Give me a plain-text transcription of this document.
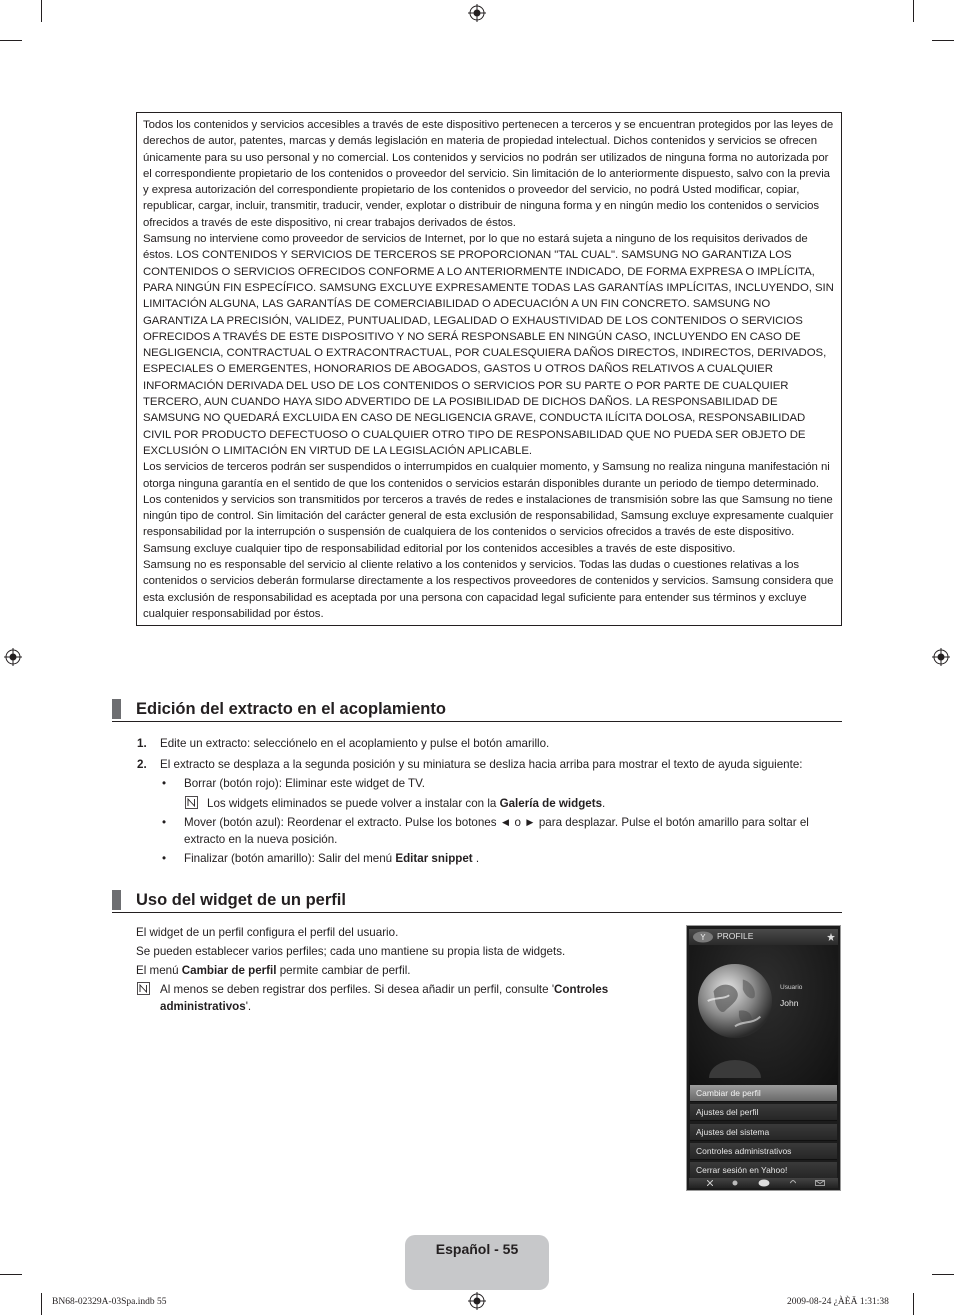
Todos los contenidos y servicios accesibles a través de este dispositivo pertenecen a terceros y se encuentran protegidos por las leyes de derechos de autor, patentes, marcas y demás legislación en materia de propiedad intelectual. Dichos contenidos y servicios se ofrecen únicamente para su uso personal y no comercial. Los contenidos y servicios no podrán ser utilizados de ninguna forma no autorizada por el correspondiente propietario de los contenidos o proveedor del servicio. Sin limitación de lo anteriormente dispuesto, salvo con la previa y expresa autorización del correspondiente propietario de los contenidos o proveedor del servicio, no podrá Usted modificar, copiar, republicar, cargar, incluir, transmitir, traducir, vender, explotar o distribuir de ninguna forma y en ningún medio los contenidos o servicios ofrecidos a través de este dispositivo, ni crear trabajos derivados de éstos.

Samsung no interviene como proveedor de servicios de Internet, por lo que no estará sujeta a ninguno de los requisitos derivados de éstos. LOS CONTENIDOS Y SERVICIOS DE TERCEROS SE PROPORCIONAN "TAL CUAL". SAMSUNG NO GARANTIZA LOS CONTENIDOS O SERVICIOS OFRECIDOS CONFORME A LO ANTERIORMENTE INDICADO, DE FORMA EXPRESA O IMPLÍCITA, PARA NINGÚN FIN ESPECÍFICO. SAMSUNG EXCLUYE EXPRESAMENTE TODAS LAS GARANTÍAS IMPLÍCITAS, INCLUYENDO, SIN LIMITACIÓN ALGUNA, LAS GARANTÍAS DE COMERCIABILIDAD O ADECUACIÓN A UN FIN CONCRETO. SAMSUNG NO GARANTIZA LA PRECISIÓN, VALIDEZ, PUNTUALIDAD, LEGALIDAD O EXHAUSTIVIDAD DE LOS CONTENIDOS O SERVICIOS OFRECIDOS A TRAVÉS DE ESTE DISPOSITIVO Y NO SERÁ RESPONSABLE EN NINGÚN CASO, INCLUYENDO EN CASO DE NEGLIGENCIA, CONTRACTUAL O EXTRACONTRACTUAL, POR CUALESQUIERA DAÑOS DIRECTOS, INDIRECTOS, DERIVADOS, ESPECIALES O EMERGENTES, HONORARIOS DE ABOGADOS, GASTOS U OTROS DAÑOS RELATIVOS A CUALQUIER INFORMACIÓN DERIVADA DEL USO DE LOS CONTENIDOS O SERVICIOS POR SU PARTE O POR PARTE DE CUALQUIER TERCERO, AUN CUANDO HAYA SIDO ADVERTIDO DE LA POSIBILIDAD DE DICHOS DAÑOS. LA RESPONSABILIDAD DE SAMSUNG NO QUEDARÁ EXCLUIDA EN CASO DE NEGLIGENCIA GRAVE, CONDUCTA ILÍCITA DOLOSA, RESPONSABILIDAD CIVIL POR PRODUCTO DEFECTUOSO O CUALQUIER OTRO TIPO DE RESPONSABILIDAD QUE NO PUEDA SER OBJETO DE EXCLUSIÓN O LIMITACIÓN EN VIRTUD DE LA LEGISLACIÓN APLICABLE.

Los servicios de terceros podrán ser suspendidos o interrumpidos en cualquier momento, y Samsung no realiza ninguna manifestación ni otorga ninguna garantía en el sentido de que los contenidos o servicios estarán disponibles durante un periodo de tiempo determinado. Los contenidos y servicios son transmitidos por terceros a través de redes e instalaciones de transmisión sobre las que Samsung no tiene ningún tipo de control. Sin limitación del carácter general de esta exclusión de responsabilidad, Samsung excluye expresamente cualquier responsabilidad por la interrupción o suspensión de cualquiera de los contenidos o servicios ofrecidos a través de este dispositivo. Samsung excluye cualquier tipo de responsabilidad editorial por los contenidos accesibles a través de este dispositivo.

Samsung no es responsable del servicio al cliente relativo a los contenidos y servicios. Todas las dudas o cuestiones relativas a los contenidos o servicios deberán formularse directamente a los respectivos proveedores de contenidos y servicios. Samsung considera que esta exclusión de responsabilidad es aceptada por una persona con capacidad legal suficiente para entender sus términos y excluye cualquier responsabilidad por éstos.

Edición del extracto en el acoplamiento
1. Edite un extracto: selecciónelo en el acoplamiento y pulse el botón amarillo.
2. El extracto se desplaza a la segunda posición y su miniatura se desliza hacia arriba para mostrar el texto de ayuda siguiente:
• Borrar (botón rojo): Eliminar este widget de TV.
Los widgets eliminados se puede volver a instalar con la Galería de widgets.
• Mover (botón azul): Reordenar el extracto. Pulse los botones ◄ o ► para desplazar. Pulse el botón amarillo para soltar el
extracto en la nueva posición.
• Finalizar (botón amarillo): Salir del menú Editar snippet .
Uso del widget de un perfil
El widget de un perfil configura el perfil del usuario.
Se pueden establecer varios perfiles; cada uno mantiene su propia lista de widgets.
El menú Cambiar de perfil permite cambiar de perfil.
Al menos se deben registrar dos perfiles. Si desea añadir un perfil, consulte 'Controles
administrativos'.
Y PROFILE
Usuario
John
Cambiar de perfil
Ajustes del perfil
Ajustes del sistema
Controles administrativos
Cerrar sesión en Yahoo!
Español - 55
BN68-02329A-03Spa.indb 55	2009-08-24 ¿ÀÈÄ 1:31:38
